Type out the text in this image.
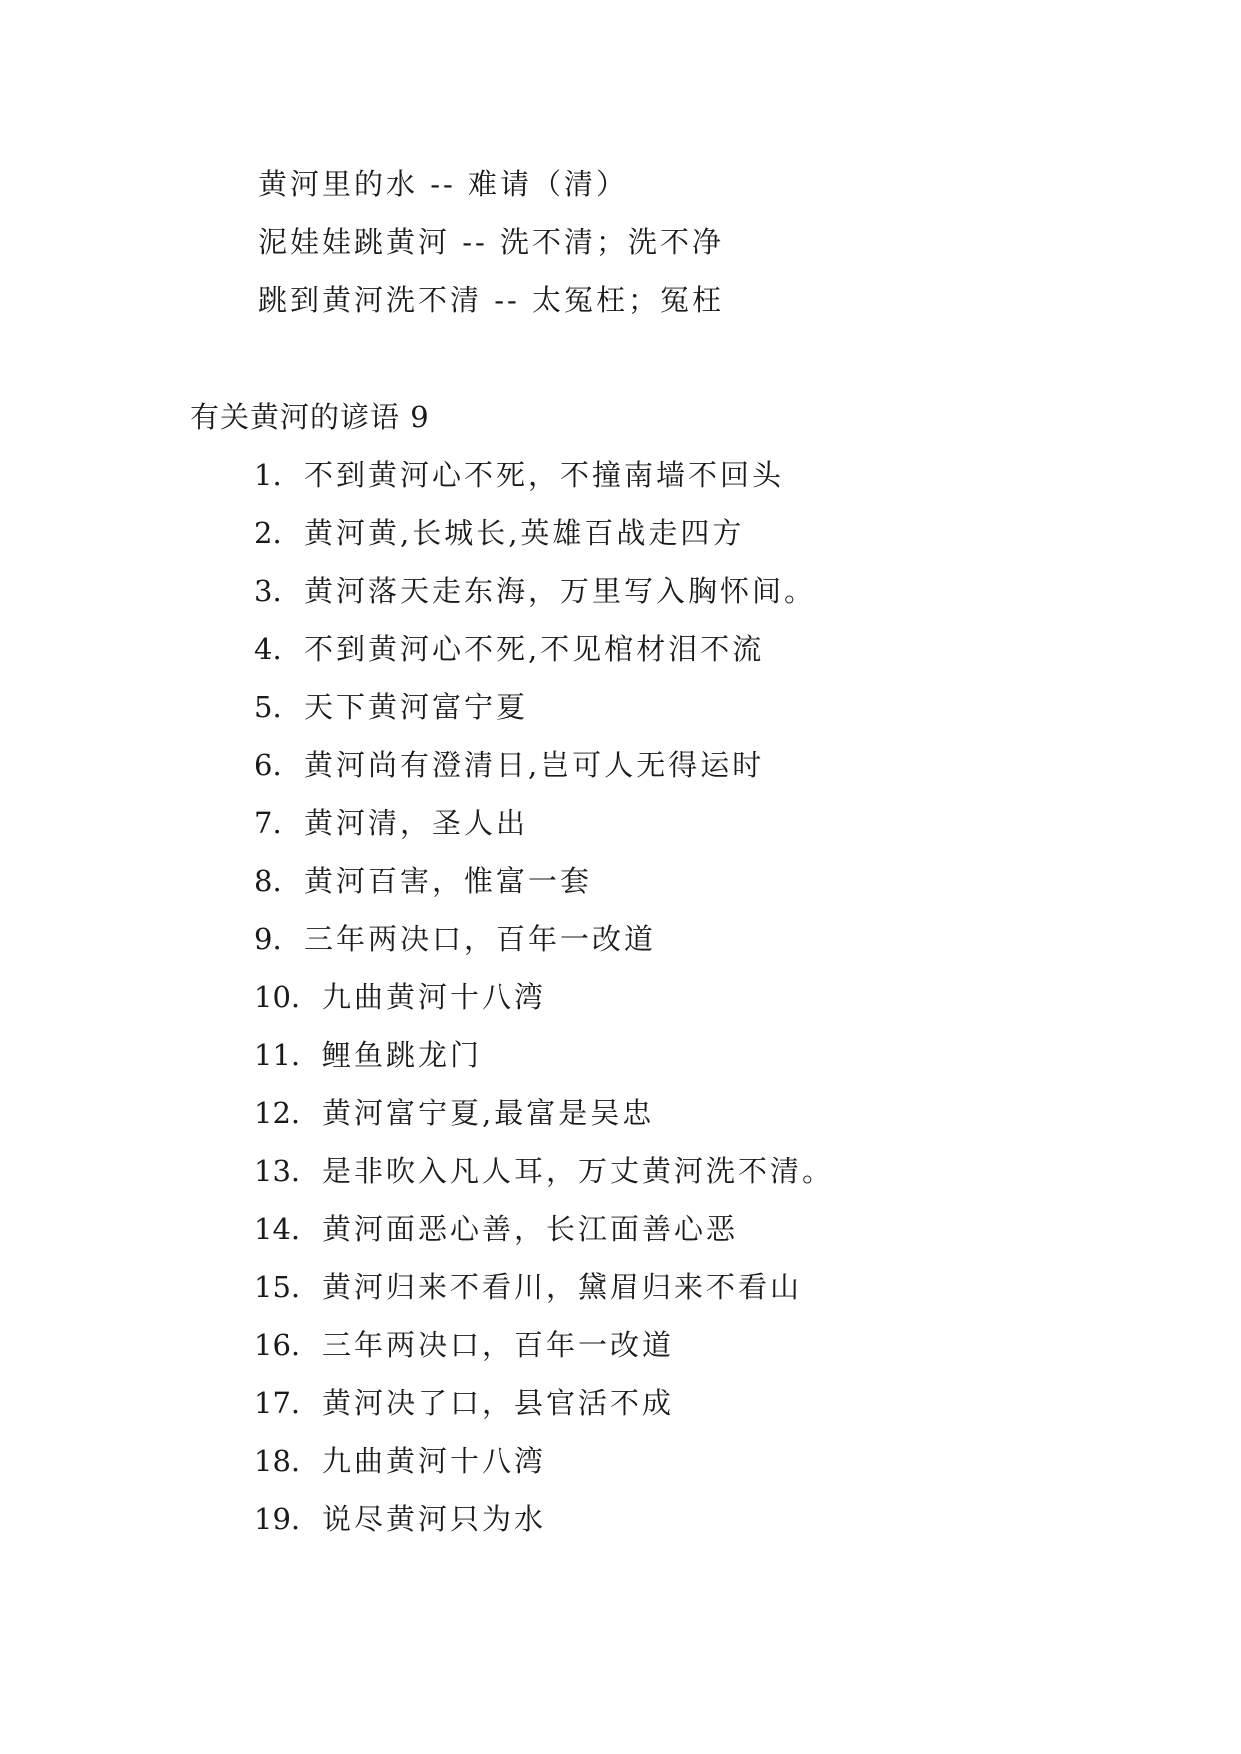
黄河里的水 -- 难请（清）
泥娃娃跳黄河 -- 洗不清；洗不净
跳到黄河洗不清 -- 太冤枉；冤枉
有关黄河的谚语 9
1. 不到黄河心不死，不撞南墙不回头
2. 黄河黄,长城长,英雄百战走四方
3. 黄河落天走东海，万里写入胸怀间。
4. 不到黄河心不死,不见棺材泪不流
5. 天下黄河富宁夏
6. 黄河尚有澄清日,岂可人无得运时
7. 黄河清，圣人出
8. 黄河百害，惟富一套
9. 三年两决口，百年一改道
10. 九曲黄河十八湾
11. 鲤鱼跳龙门
12. 黄河富宁夏,最富是吴忠
13. 是非吹入凡人耳，万丈黄河洗不清。
14. 黄河面恶心善，长江面善心恶
15. 黄河归来不看川，黛眉归来不看山
16. 三年两决口，百年一改道
17. 黄河决了口，县官活不成
18. 九曲黄河十八湾
19. 说尽黄河只为水
